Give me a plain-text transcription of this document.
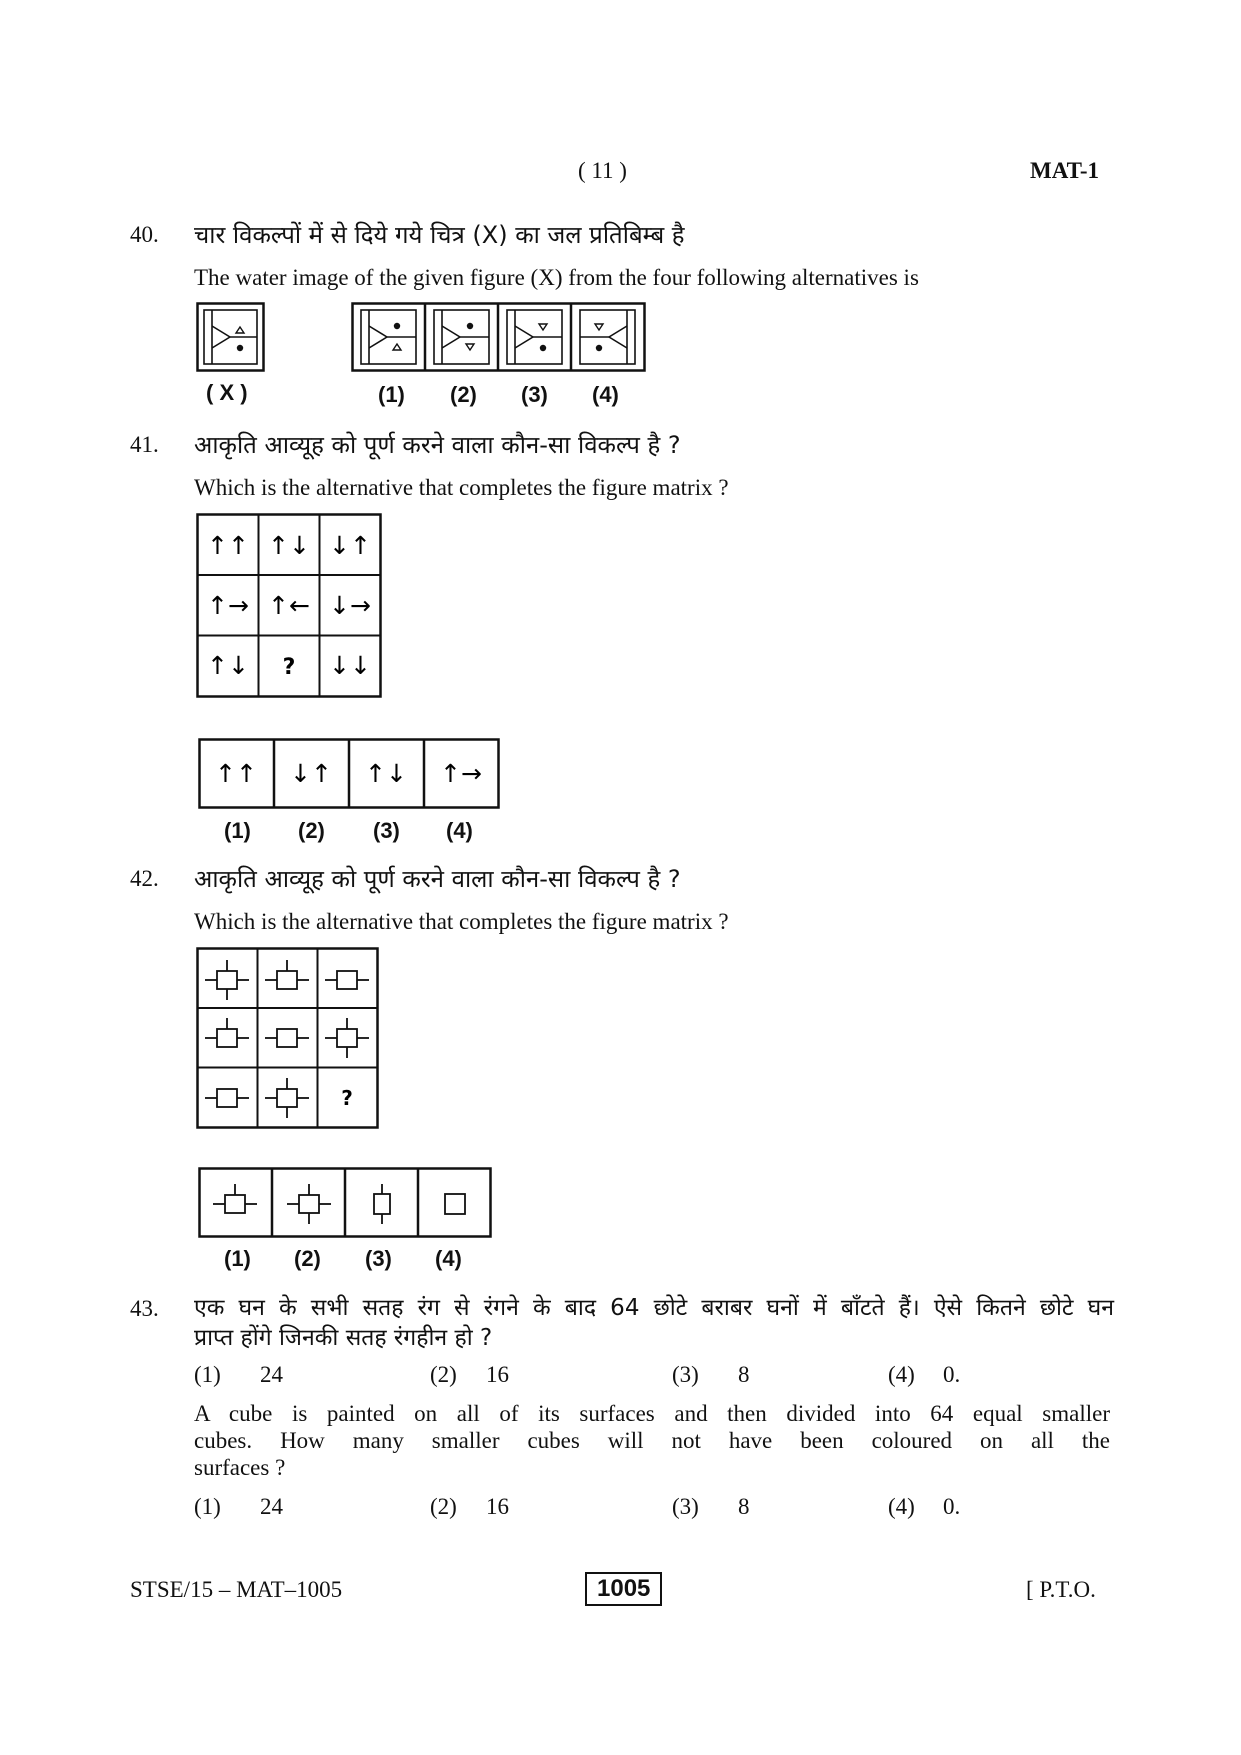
( 11 )	MAT-1
40. चार विकल्पों में से दिये गये चित्र (X) का जल प्रतिबिम्ब है
The water image of the given figure (X) from the four following alternatives is
( X )	(1) (2) (3) (4)
41. आकृति आव्यूह को पूर्ण करने वाला कौन-सा विकल्प है ?
Which is the alternative that completes the figure matrix ?
↑↑ ↑↓ ↓↑
↑→ ↑← ↓→
↑↓ ? ↓↓
↑↑ ↓↑ ↑↓ ↑→
(1) (2) (3) (4)
42. आकृति आव्यूह को पूर्ण करने वाला कौन-सा विकल्प है ?
Which is the alternative that completes the figure matrix ?
?
(1) (2) (3) (4)
43. एक घन के सभी सतह रंग से रंगने के बाद 64 छोटे बराबर घनों में बाँटते हैं। ऐसे कितने छोटे घन
प्राप्त होंगे जिनकी सतह रंगहीन हो ?
(1) 24	(2) 16	(3) 8	(4) 0.
A cube is painted on all of its surfaces and then divided into 64 equal smaller
cubes. How many smaller cubes will not have been coloured on all the
surfaces ?
(1) 24	(2) 16	(3) 8	(4) 0.
STSE/15 – MAT–1005	1005	[ P.T.O.
